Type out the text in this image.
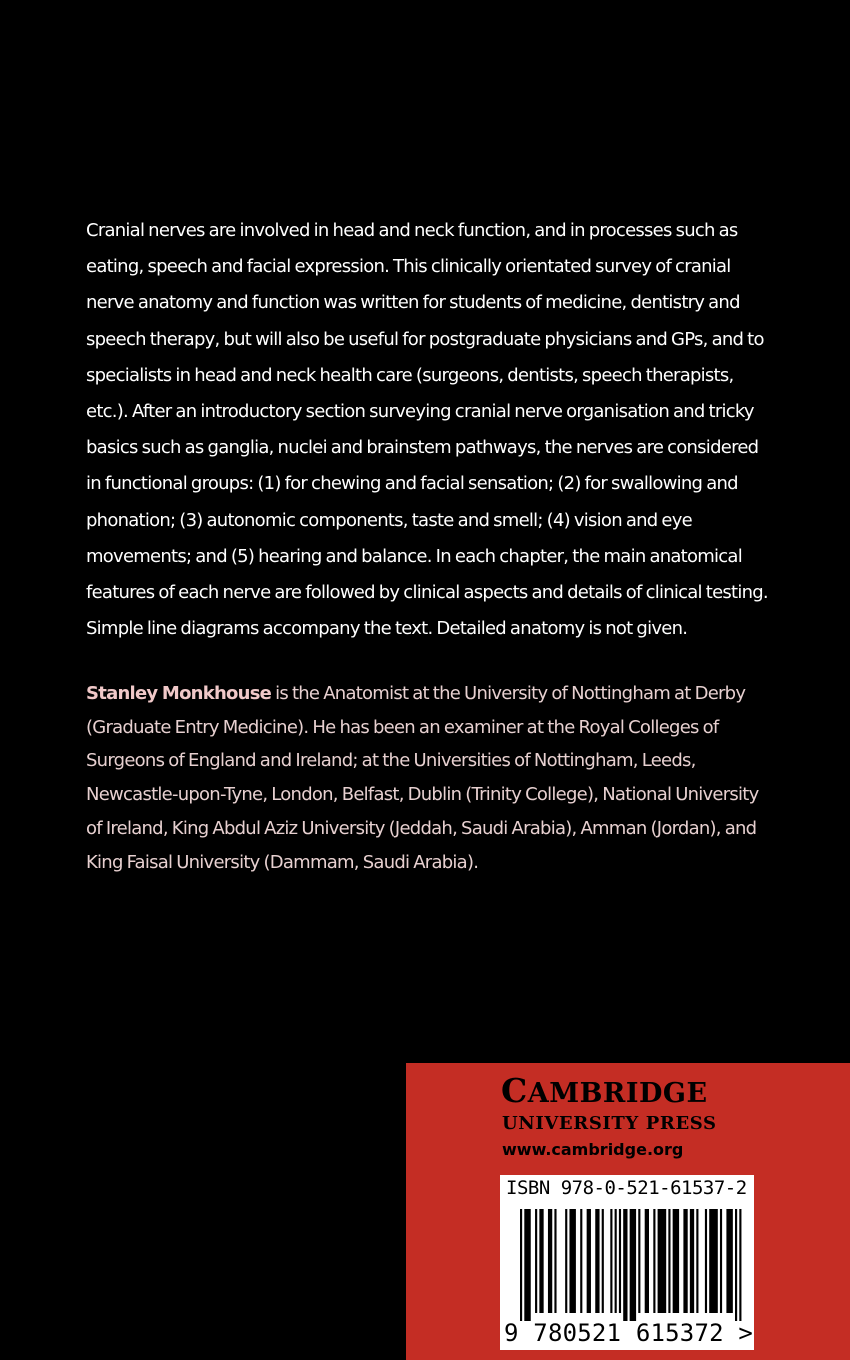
Cranial nerves are involved in head and neck function, and in processes such as eating, speech and facial expression. This clinically orientated survey of cranial nerve anatomy and function was written for students of medicine, dentistry and speech therapy, but will also be useful for postgraduate physicians and GPs, and to specialists in head and neck health care (surgeons, dentists, speech therapists, etc.). After an introductory section surveying cranial nerve organisation and tricky basics such as ganglia, nuclei and brainstem pathways, the nerves are considered in functional groups: (1) for chewing and facial sensation; (2) for swallowing and phonation; (3) autonomic components, taste and smell; (4) vision and eye movements; and (5) hearing and balance. In each chapter, the main anatomical features of each nerve are followed by clinical aspects and details of clinical testing. Simple line diagrams accompany the text. Detailed anatomy is not given.

Stanley Monkhouse is the Anatomist at the University of Nottingham at Derby (Graduate Entry Medicine). He has been an examiner at the Royal Colleges of Surgeons of England and Ireland; at the Universities of Nottingham, Leeds, Newcastle-upon-Tyne, London, Belfast, Dublin (Trinity College), National University of Ireland, King Abdul Aziz University (Jeddah, Saudi Arabia), Amman (Jordan), and King Faisal University (Dammam, Saudi Arabia).

CAMBRIDGE

UNIVERSITY PRESS

www.cambridge.org

ISBN 978-0-521-61537-2

9 780521 615372 >
